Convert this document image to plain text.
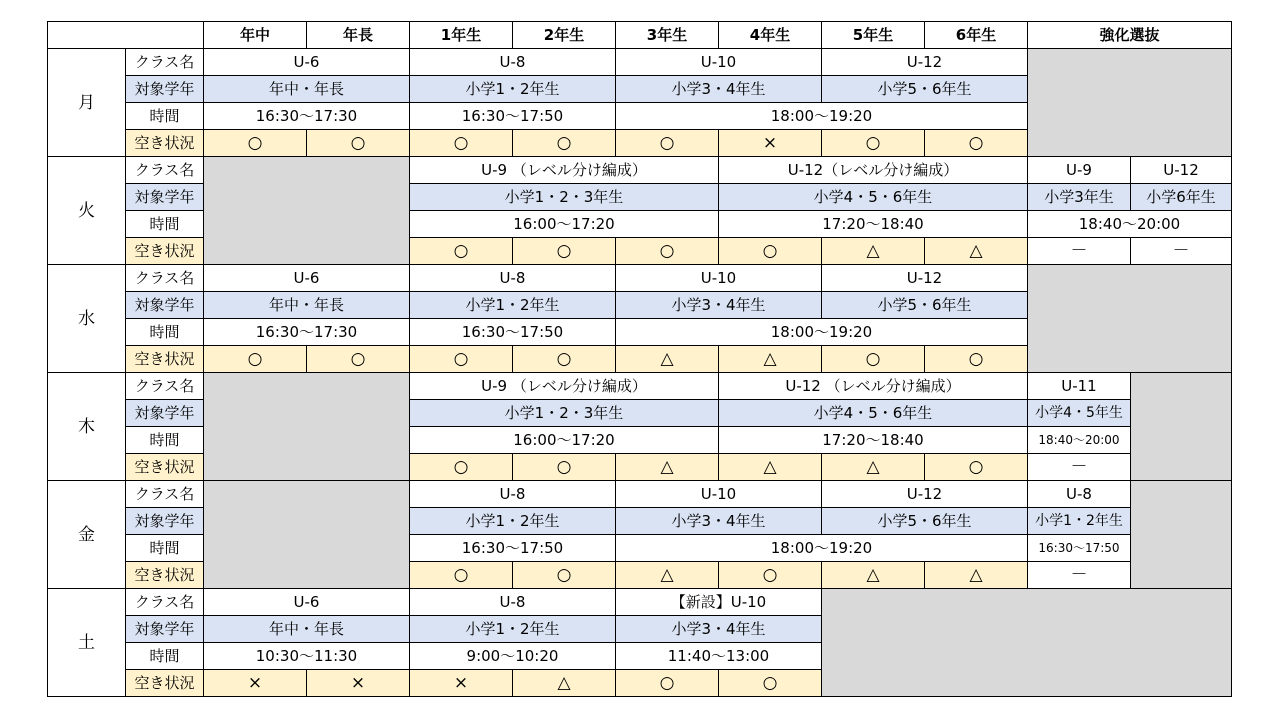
		年中	年長	1年生	2年生	3年生	4年生	5年生	6年生	強化選抜	
月	クラス名	U-6		U-8		U-10		U-12			
	対象学年	年中・年長		小学1・2年生		小学3・4年生		小学5・6年生			
	時間	16:30～17:30		16:30～17:50		18:00～19:20					
	空き状況	○	○	○	○	○	×	○	○		
火	クラス名			U-9 （レベル分け編成）			U-12（レベル分け編成）			U-9	U-12
	対象学年			小学1・2・3年生			小学4・5・6年生			小学3年生	小学6年生
	時間			16:00～17:20			17:20～18:40			18:40～20:00	
	空き状況			○	○	○	○	△	△	－	－
水	クラス名	U-6		U-8		U-10		U-12			
	対象学年	年中・年長		小学1・2年生		小学3・4年生		小学5・6年生			
	時間	16:30～17:30		16:30～17:50		18:00～19:20					
	空き状況	○	○	○	○	△	△	○	○		
木	クラス名			U-9 （レベル分け編成）			U-12 （レベル分け編成）			U-11	
	対象学年			小学1・2・3年生			小学4・5・6年生			小学4・5年生	
	時間			16:00～17:20			17:20～18:40			18:40～20:00	
	空き状況			○	○	△	△	△	○	－	
金	クラス名			U-8		U-10		U-12		U-8	
	対象学年			小学1・2年生		小学3・4年生		小学5・6年生		小学1・2年生	
	時間			16:30～17:50		18:00～19:20				16:30～17:50	
	空き状況			○	○	△	○	△	△	－	
土	クラス名	U-6		U-8		【新設】U-10					
	対象学年	年中・年長		小学1・2年生		小学3・4年生					
	時間	10:30～11:30		9:00～10:20		11:40～13:00					
	空き状況	×	×	×	△	○	○				
